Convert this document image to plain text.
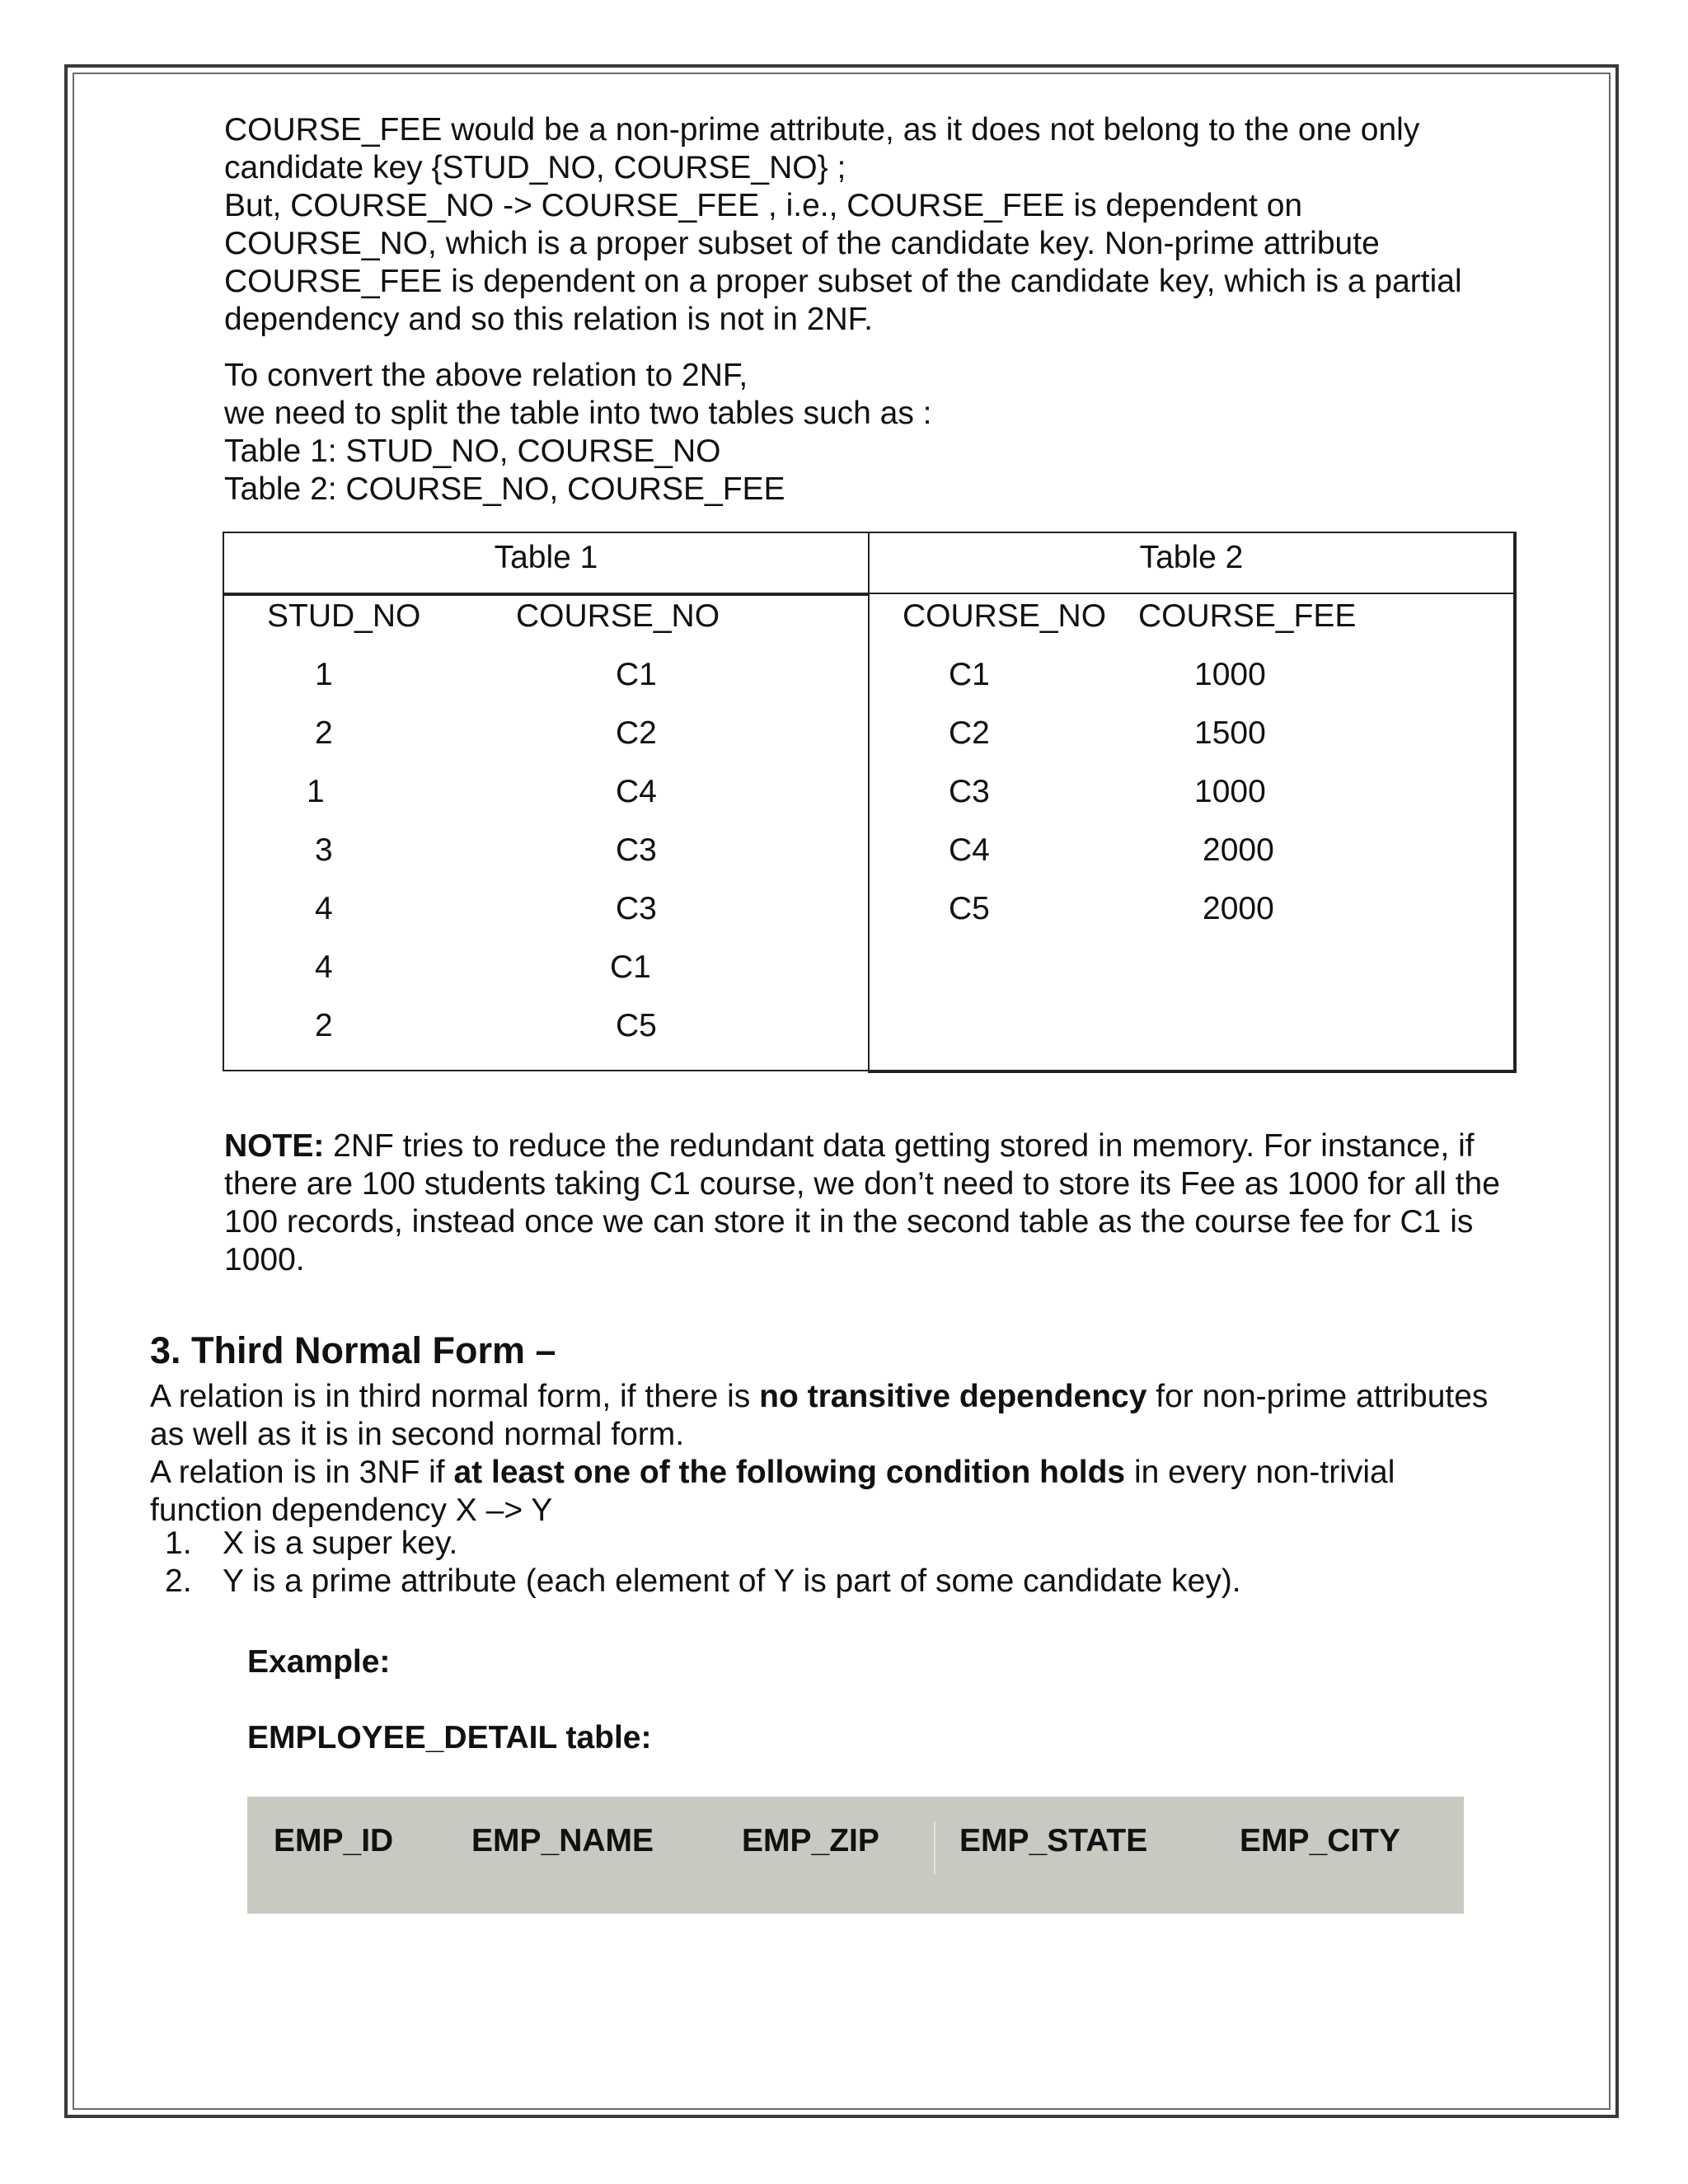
COURSE_FEE would be a non-prime attribute, as it does not belong to the one only

candidate key {STUD_NO, COURSE_NO} ;

But, COURSE_NO -> COURSE_FEE , i.e., COURSE_FEE is dependent on

COURSE_NO, which is a proper subset of the candidate key. Non-prime attribute

COURSE_FEE is dependent on a proper subset of the candidate key, which is a partial

dependency and so this relation is not in 2NF.

To convert the above relation to 2NF,

we need to split the table into two tables such as :

Table 1: STUD_NO, COURSE_NO

Table 2: COURSE_NO, COURSE_FEE

Table 1
STUD_NO	COURSE_NO
1	C1
2	C2
1	C4
3	C3
4	C3
4	C1
2	C5
Table 2
COURSE_NO COURSE_FEE
C1	1000
C2	1500
C3	1000
C4	2000
C5	2000

NOTE: 2NF tries to reduce the redundant data getting stored in memory. For instance, if

there are 100 students taking C1 course, we don’t need to store its Fee as 1000 for all the

100 records, instead once we can store it in the second table as the course fee for C1 is

1000.

3. Third Normal Form –

A relation is in third normal form, if there is no transitive dependency for non-prime attributes

as well as it is in second normal form.

A relation is in 3NF if at least one of the following condition holds in every non-trivial

function dependency X –> Y

1. X is a super key.
2. Y is a prime attribute (each element of Y is part of some candidate key).
Example:
EMPLOYEE_DETAIL table:
EMP_ID EMP_NAME	EMP_ZIP EMP_STATE	EMP_CITY
